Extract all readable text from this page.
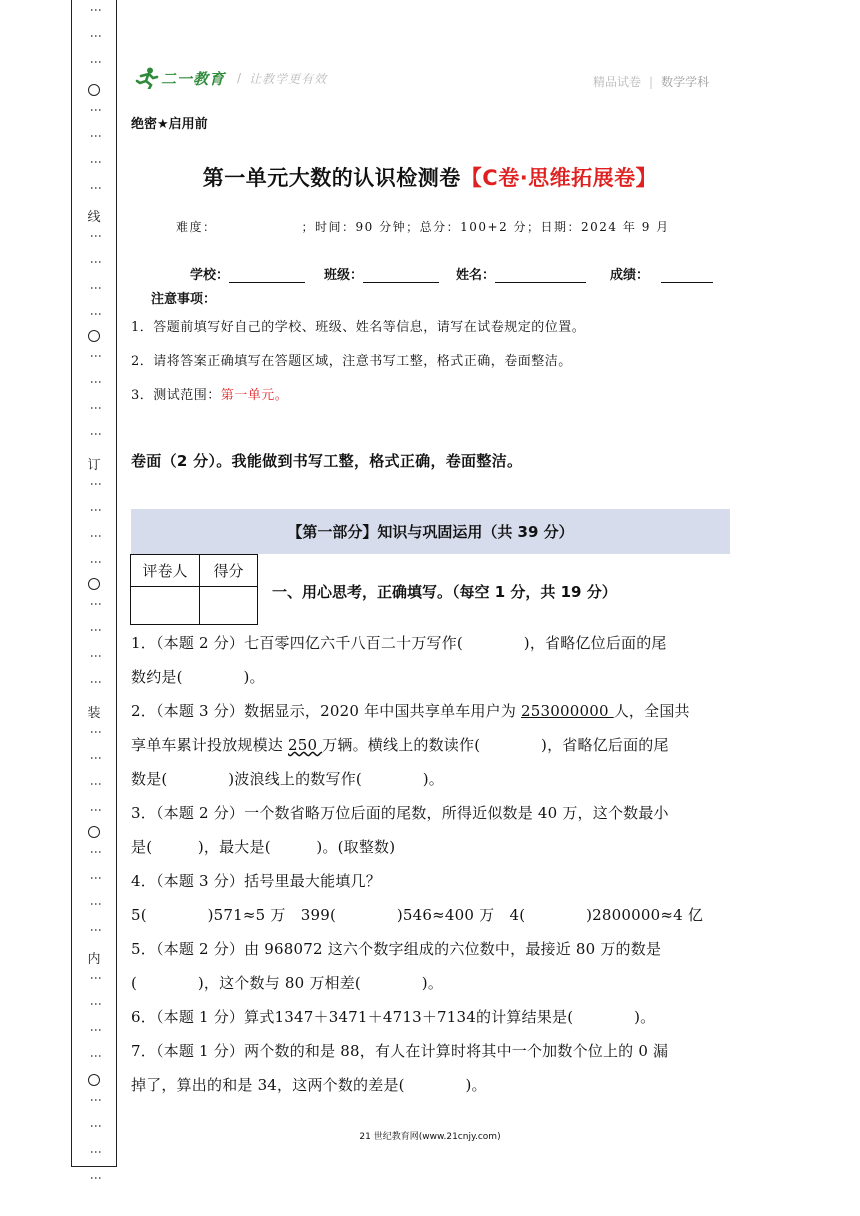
⋮
⋮
⋮
⋮
⋮
⋮
⋮
线
⋮
⋮
⋮
⋮
⋮
⋮
⋮
⋮
订
⋮
⋮
⋮
⋮
⋮
⋮
⋮
⋮
装
⋮
⋮
⋮
⋮
⋮
⋮
⋮
⋮
内
⋮
⋮
⋮
⋮
⋮
⋮
⋮
⋮
二一教育 / 让教学更有效	精品试卷 | 数学学科
绝密★启用前
第一单元大数的认识检测卷【C卷·思维拓展卷】
难度：                ；时间：90 分钟；总分：100+2 分；日期：2024 年 9 月
学校：	班级：	姓名：	成绩：
注意事项：
1．答题前填写好自己的学校、班级、姓名等信息，请写在试卷规定的位置。
2．请将答案正确填写在答题区域，注意书写工整，格式正确，卷面整洁。
3．测试范围：第一单元。
卷面（2 分）。我能做到书写工整，格式正确，卷面整洁。
【第一部分】知识与巩固运用（共 39 分）
评卷人	得分

一、用心思考，正确填写。（每空 1 分，共 19 分）
1．（本题 2 分）七百零四亿六千八百二十万写作(　　　　)，省略亿位后面的尾
数约是(　　　　)。
2．（本题 3 分）数据显示，2020 年中国共享单车用户为 253000000 人，全国共
享单车累计投放规模达 250 万辆。横线上的数读作(　　　　)，省略亿后面的尾
数是(　　　　)波浪线上的数写作(　　　　)。
3．（本题 2 分）一个数省略万位后面的尾数，所得近似数是 40 万，这个数最小
是(　　　)，最大是(　　　)。(取整数)
4．（本题 3 分）括号里最大能填几？
5(　　　　)571≈5 万　399(　　　　)546≈400 万　4(　　　　)2800000≈4 亿
5．（本题 2 分）由 968072 这六个数字组成的六位数中，最接近 80 万的数是
(　　　　)，这个数与 80 万相差(　　　　)。
6．（本题 1 分）算式1347＋3471＋4713＋7134的计算结果是(　　　　)。
7．（本题 1 分）两个数的和是 88，有人在计算时将其中一个加数个位上的 0 漏
掉了，算出的和是 34，这两个数的差是(　　　　)。
21 世纪教育网(www.21cnjy.com)
